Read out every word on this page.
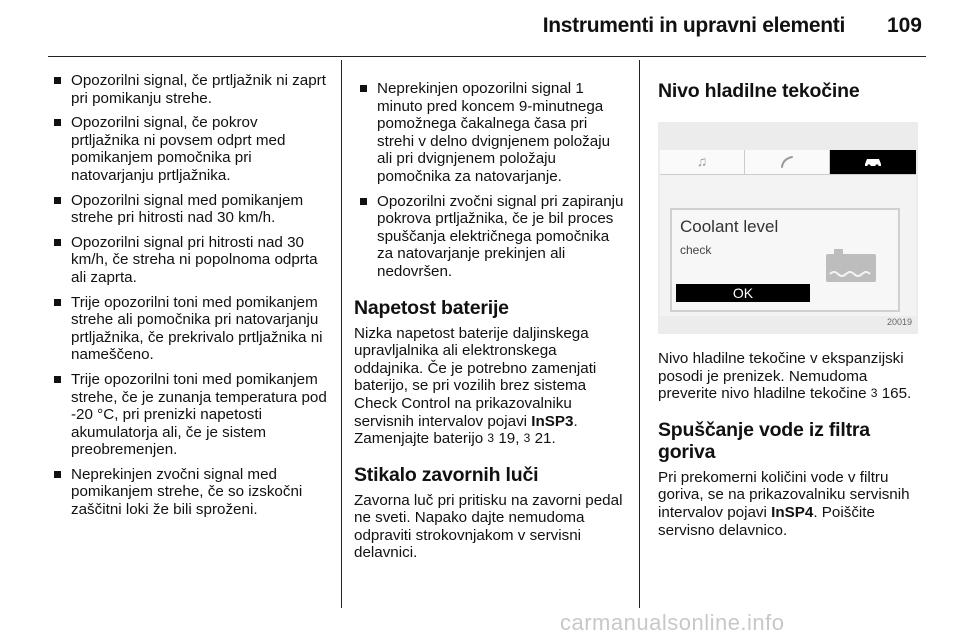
Instrumenti in upravni elementi 109
Opozorilni signal, če prtljažnik ni zaprt pri pomikanju strehe.
Opozorilni signal, če pokrov prtljažnika ni povsem odprt med pomikanjem pomočnika pri natovarjanju prtljažnika.
Opozorilni signal med pomikanjem strehe pri hitrosti nad 30 km/h.
Opozorilni signal pri hitrosti nad 30 km/h, če streha ni popolnoma odprta ali zaprta.
Trije opozorilni toni med pomikanjem strehe ali pomočnika pri natovarjanju prtljažnika, če prekrivalo prtljažnika ni nameščeno.
Trije opozorilni toni med pomikanjem strehe, če je zunanja temperatura pod -20 °C, pri prenizki napetosti akumulatorja ali, če je sistem preobremenjen.
Neprekinjen zvočni signal med pomikanjem strehe, če so izskočni zaščitni loki že bili sproženi.
Neprekinjen opozorilni signal 1 minuto pred koncem 9-minutnega pomožnega čakalnega časa pri strehi v delno dvignjenem položaju ali pri dvignjenem položaju pomočnika za natovarjanje.
Opozorilni zvočni signal pri zapiranju pokrova prtljažnika, če je bil proces spuščanja električnega pomočnika za natovarjanje prekinjen ali nedovršen.
Napetost baterije
Nizka napetost baterije daljinskega upravljalnika ali elektronskega oddajnika. Če je potrebno zamenjati baterijo, se pri vozilih brez sistema Check Control na prikazovalniku servisnih intervalov pojavi InSP3. Zamenjajte baterijo 3 19, 3 21.
Stikalo zavornih luči
Zavorna luč pri pritisku na zavorni pedal ne sveti. Napako dajte nemudoma odpraviti strokovnjakom v servisni delavnici.
Nivo hladilne tekočine
♫
Coolant level
check
OK
20019
Nivo hladilne tekočine v ekspanzijski posodi je prenizek. Nemudoma preverite nivo hladilne tekočine 3 165.
Spuščanje vode iz filtra goriva
Pri prekomerni količini vode v filtru goriva, se na prikazovalniku servisnih intervalov pojavi InSP4. Poiščite servisno delavnico.
carmanualsonline.info
